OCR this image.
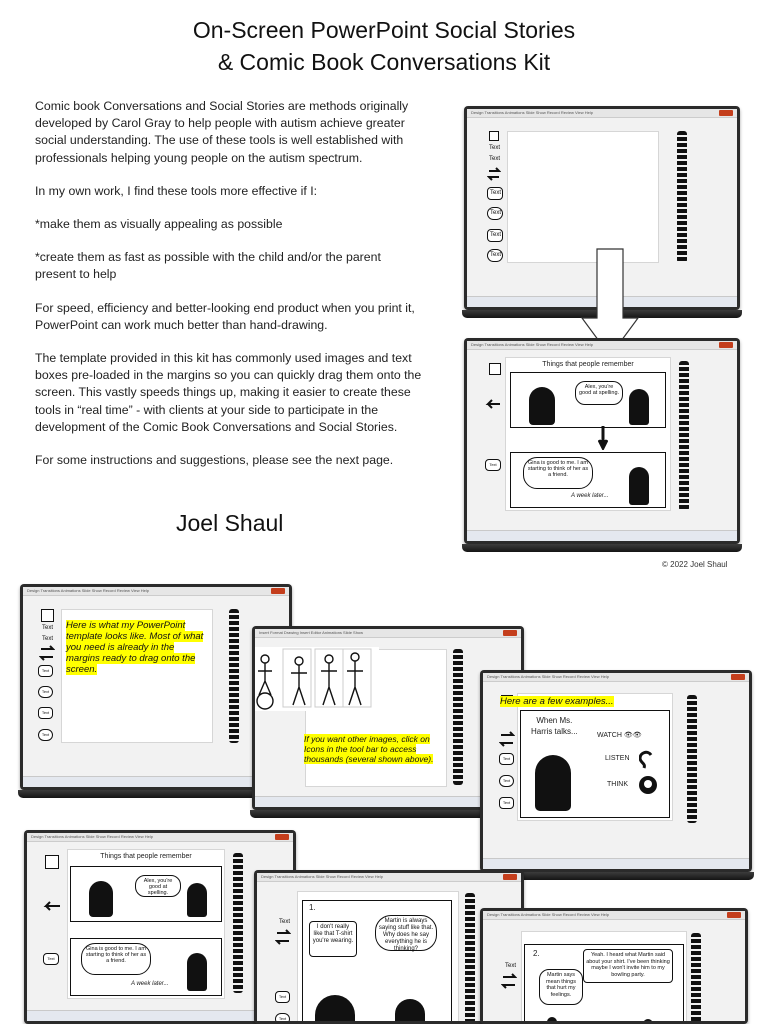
On-Screen PowerPoint Social Stories
& Comic Book Conversations Kit

Comic book Conversations and Social Stories are methods originally developed by Carol Gray to help people with autism achieve greater social understanding. The use of these tools is well established with professionals helping young people on the autism spectrum.

In my own work, I find these tools more effective if I:

*make them as visually appealing as possible

*create them as fast as possible with the child and/or the parent present to help

For speed, efficiency and better-looking end product when you print it, PowerPoint can work much better than hand-drawing.

The template provided in this kit has commonly used images and text boxes pre-loaded in the margins so you can quickly drag them onto the screen. This vastly speeds things up, making it easier to create these tools in “real time” - with clients at your side to participate in the development of the Comic Book Conversations and Social Stories.

For some instructions and suggestions, please see the next page.

Joel Shaul
© 2022 Joel Shaul
Design Transitions Animations Slide Show Record Review View Help
Text
Text
Text
Text
Text
Text
Design Transitions Animations Slide Show Record Review View Help
Text
Things that people remember
Alex, you're good at spelling.
Gina is good to me. I am starting to think of her as a friend.
A week later...
Design Transitions Animations Slide Show Record Review View Help
Text
Text
Text
Text
Text
Text
Here is what my PowerPoint template looks like. Most of what you need is already in the margins ready to drag onto the screen.
Insert Format Drawing Insert Editor Animations Slide Show
If you want other images, click on Icons in the tool bar to access thousands (several shown above).
Design Transitions Animations Slide Show Record Review View Help
Text
Text
Text
Here are a few examples...
When Ms.
Harris talks...	WATCH 👁👁
LISTEN
THINK
Design Transitions Animations Slide Show Record Review View Help
Text
Things that people remember
Alex, you're good at spelling.
Gina is good to me. I am starting to think of her as a friend.
A week later...
Design Transitions Animations Slide Show Record Review View Help
Text
Text
Text
1.
I don't really like that T-shirt you're wearing.
Martin is always saying stuff like that. Why does he say everything he is thinking?
Design Transitions Animations Slide Show Record Review View Help
Text
2.
Martin says mean things that hurt my feelings.
Yeah. I heard what Martin said about your shirt. I've been thinking maybe I won't invite him to my bowling party.
